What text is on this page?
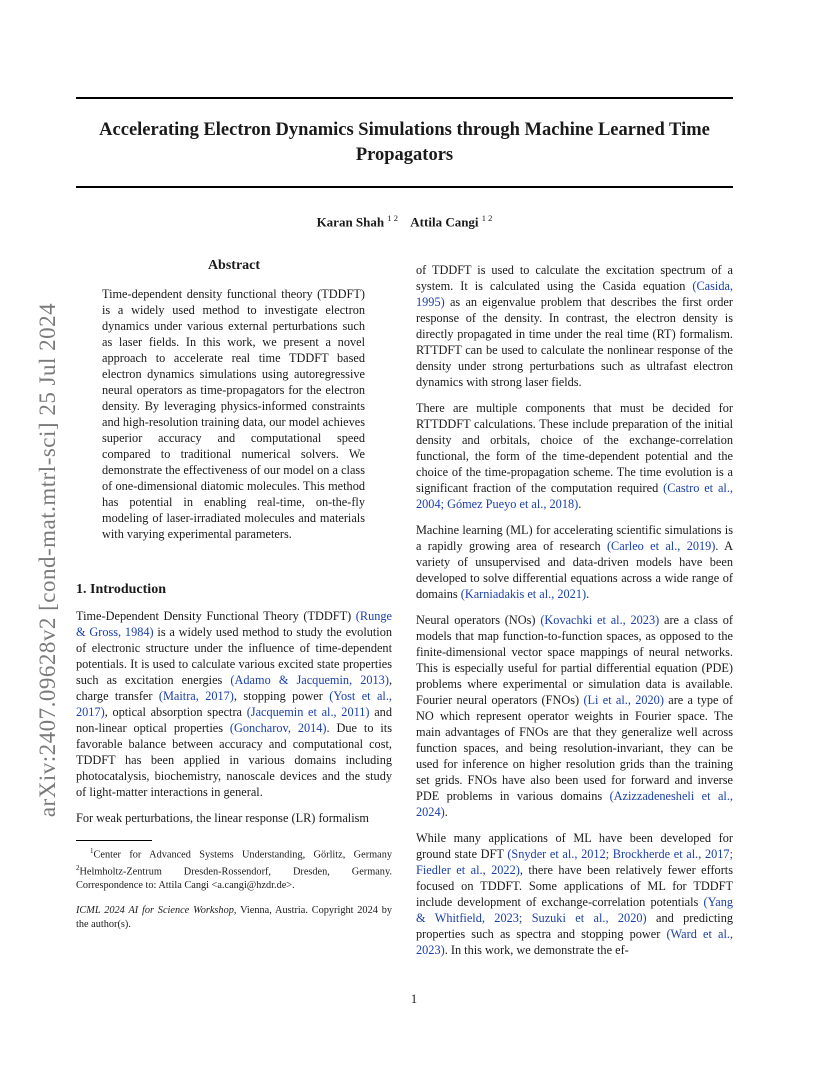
arXiv:2407.09628v2 [cond-mat.mtrl-sci] 25 Jul 2024
Accelerating Electron Dynamics Simulations through Machine Learned Time Propagators
Karan Shah $^{1 2}$ Attila Cangi $^{1 2}$
Abstract
Time-dependent density functional theory (TDDFT) is a widely used method to investigate electron dynamics under various external perturbations such as laser fields. In this work, we present a novel approach to accelerate real time TDDFT based electron dynamics simulations using autoregressive neural operators as time-propagators for the electron density. By leveraging physics-informed constraints and high-resolution training data, our model achieves superior accuracy and computational speed compared to traditional numerical solvers. We demonstrate the effectiveness of our model on a class of one-dimensional diatomic molecules. This method has potential in enabling real-time, on-the-fly modeling of laser-irradiated molecules and materials with varying experimental parameters.
1. Introduction

Time-Dependent Density Functional Theory (TDDFT) (Runge & Gross, 1984) is a widely used method to study the evolution of electronic structure under the influence of time-dependent potentials. It is used to calculate various excited state properties such as excitation energies (Adamo & Jacquemin, 2013), charge transfer (Maitra, 2017), stopping power (Yost et al., 2017), optical absorption spectra (Jacquemin et al., 2011) and non-linear optical properties (Goncharov, 2014). Due to its favorable balance between accuracy and computational cost, TDDFT has been applied in various domains including photocatalysis, biochemistry, nanoscale devices and the study of light-matter interactions in general.

For weak perturbations, the linear response (LR) formalism

$^1$Center for Advanced Systems Understanding, Görlitz, Germany $^2$Helmholtz-Zentrum Dresden-Rossendorf, Dresden, Germany. Correspondence to: Attila Cangi <a.cangi@hzdr.de>.

ICML 2024 AI for Science Workshop, Vienna, Austria. Copyright 2024 by the author(s).

of TDDFT is used to calculate the excitation spectrum of a system. It is calculated using the Casida equation (Casida, 1995) as an eigenvalue problem that describes the first order response of the density. In contrast, the electron density is directly propagated in time under the real time (RT) formalism. RTTDFT can be used to calculate the nonlinear response of the density under strong perturbations such as ultrafast electron dynamics with strong laser fields.

There are multiple components that must be decided for RTTDDFT calculations. These include preparation of the initial density and orbitals, choice of the exchange-correlation functional, the form of the time-dependent potential and the choice of the time-propagation scheme. The time evolution is a significant fraction of the computation required (Castro et al., 2004; Gómez Pueyo et al., 2018).

Machine learning (ML) for accelerating scientific simulations is a rapidly growing area of research (Carleo et al., 2019). A variety of unsupervised and data-driven models have been developed to solve differential equations across a wide range of domains (Karniadakis et al., 2021).

Neural operators (NOs) (Kovachki et al., 2023) are a class of models that map function-to-function spaces, as opposed to the finite-dimensional vector space mappings of neural networks. This is especially useful for partial differential equation (PDE) problems where experimental or simulation data is available. Fourier neural operators (FNOs) (Li et al., 2020) are a type of NO which represent operator weights in Fourier space. The main advantages of FNOs are that they generalize well across function spaces, and being resolution-invariant, they can be used for inference on higher resolution grids than the training set grids. FNOs have also been used for forward and inverse PDE problems in various domains (Azizzadenesheli et al., 2024).

While many applications of ML have been developed for ground state DFT (Snyder et al., 2012; Brockherde et al., 2017; Fiedler et al., 2022), there have been relatively fewer efforts focused on TDDFT. Some applications of ML for TDDFT include development of exchange-correlation potentials (Yang & Whitfield, 2023; Suzuki et al., 2020) and predicting properties such as spectra and stopping power (Ward et al., 2023). In this work, we demonstrate the ef-

1
